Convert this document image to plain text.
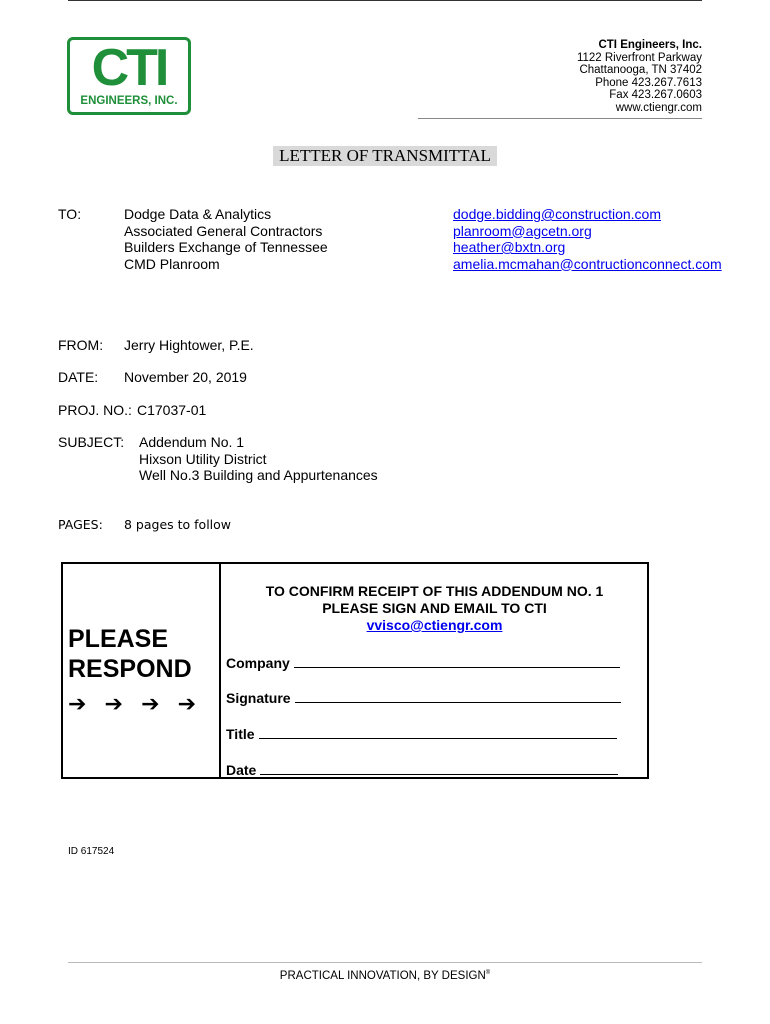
CTI
ENGINEERS, INC.
CTI Engineers, Inc.
1122 Riverfront Parkway
Chattanooga, TN 37402
Phone 423.267.7613
Fax 423.267.0603
www.ctiengr.com
LETTER OF TRANSMITTAL
TO:	Dodge Data & Analytics
Associated General Contractors
Builders Exchange of Tennessee
CMD Planroom
dodge.bidding@construction.com
planroom@agcetn.org
heather@bxtn.org
amelia.mcmahan@contructionconnect.com
FROM: Jerry Hightower, P.E.
DATE: November 20, 2019
PROJ. NO.: C17037-01
SUBJECT: Addendum No. 1
Hixson Utility District
Well No.3 Building and Appurtenances
PAGES: 8 pages to follow
PLEASE
RESPOND
➔ ➔ ➔ ➔
TO CONFIRM RECEIPT OF THIS ADDENDUM NO. 1
PLEASE SIGN AND EMAIL TO CTI
vvisco@ctiengr.com
Company
Signature
Title
Date
ID 617524
PRACTICAL INNOVATION, BY DESIGN®
